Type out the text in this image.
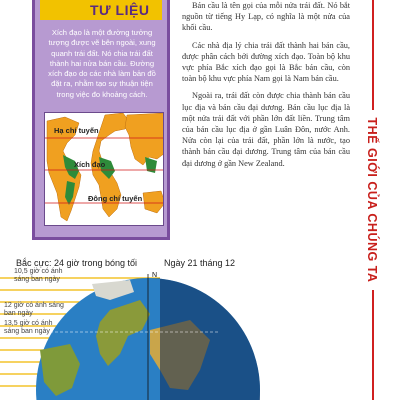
TƯ LIỆU
Xích đạo là một đường tưởng tượng được vẽ bên ngoài, xung quanh trái đất. Nó chia trái đất thành hai nửa bán cầu. Đường xích đạo do các nhà làm bản đồ đặt ra, nhằm tạo sự thuận tiện trong việc đo khoảng cách.
Hạ chí tuyến
Xích đạo
Đông chí tuyến

Bán cầu là tên gọi của mỗi nửa trái đất. Nó bắt nguồn từ tiếng Hy Lạp, có nghĩa là một nửa của khối cầu.

Các nhà địa lý chia trái đất thành hai bán cầu, được phân cách bởi đường xích đạo. Toàn bộ khu vực phía Bắc xích đạo gọi là Bắc bán cầu, còn toàn bộ khu vực phía Nam gọi là Nam bán cầu.

Ngoài ra, trái đất còn được chia thành bán cầu lục địa và bán cầu đại dương. Bán cầu lục địa là một nửa trái đất với phần lớn đất liền. Trung tâm của bán cầu lục địa ở gần Luân Đôn, nước Anh. Nửa còn lại của trái đất, phần lớn là nước, tạo thành bán cầu đại dương. Trung tâm của bán cầu đại dương ở gần New Zealand.	THẾ GIỚI CỦA CHÚNG TA
Bắc cực: 24 giờ trong bóng tối	Ngày 21 tháng 12
N
0°
10,5 giờ có ánh sáng ban ngày
12 giờ có ánh sáng ban ngày
13,5 giờ có ánh sáng ban ngày
